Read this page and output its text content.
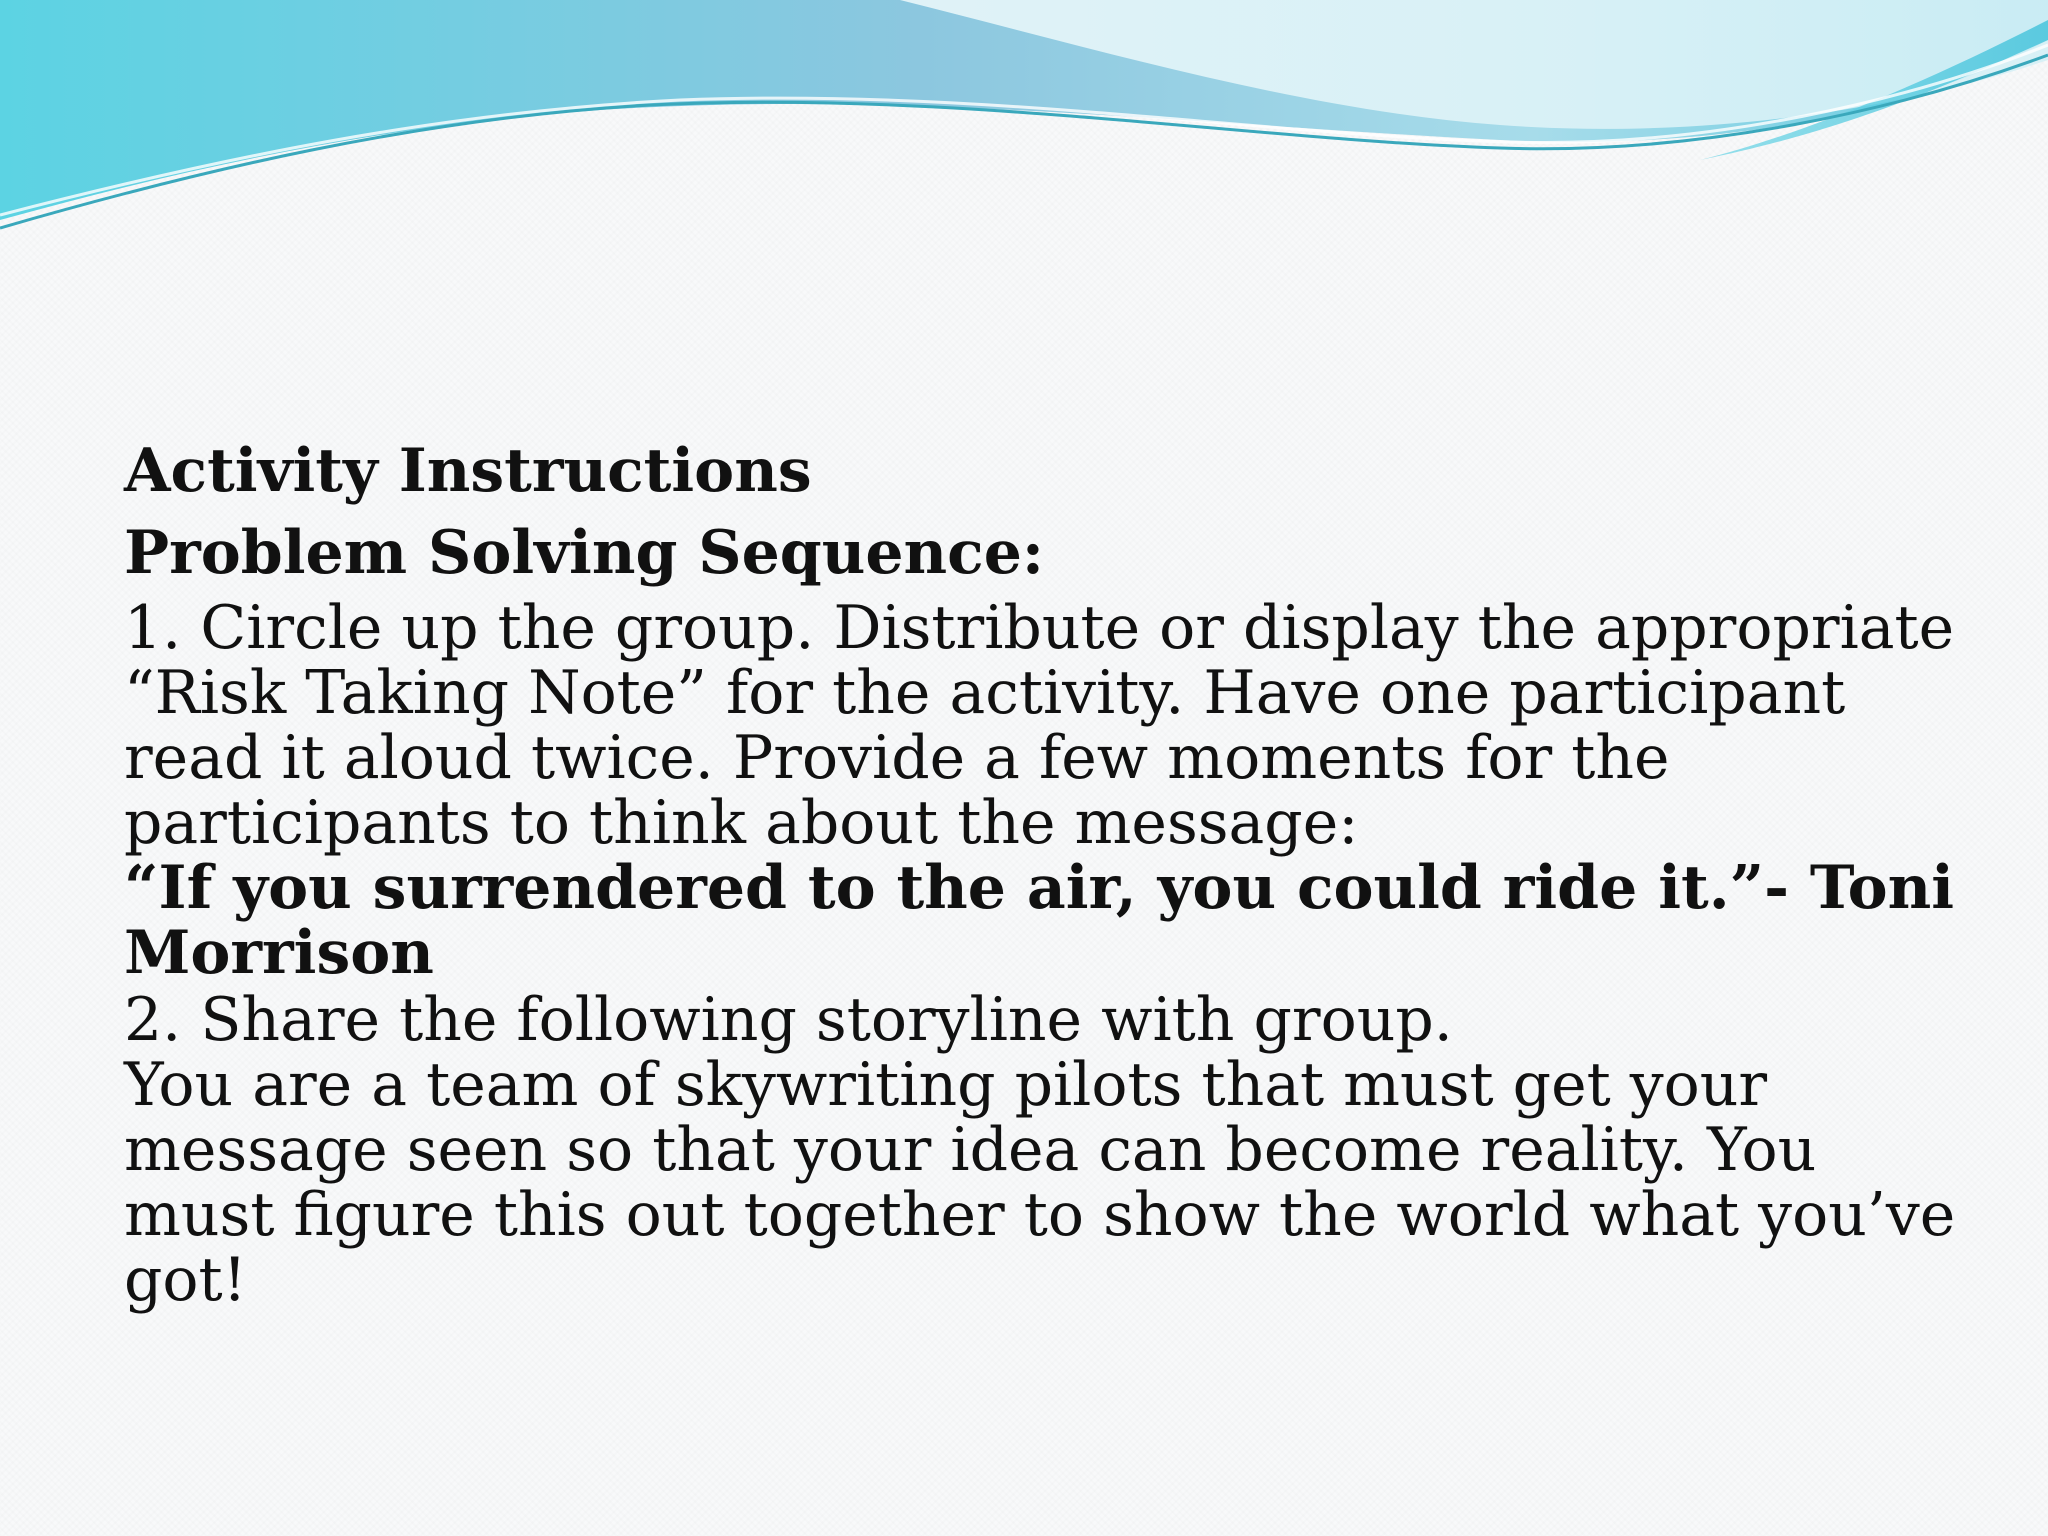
Activity Instructions
Problem Solving Sequence:
1. Circle up the group. Distribute or display the appropriate
“Risk Taking Note” for the activity. Have one participant
read it aloud twice. Provide a few moments for the
participants to think about the message:
“If you surrendered to the air, you could ride it.”- Toni
Morrison
2. Share the following storyline with group.
You are a team of skywriting pilots that must get your
message seen so that your idea can become reality. You
must figure this out together to show the world what you’ve
got!
